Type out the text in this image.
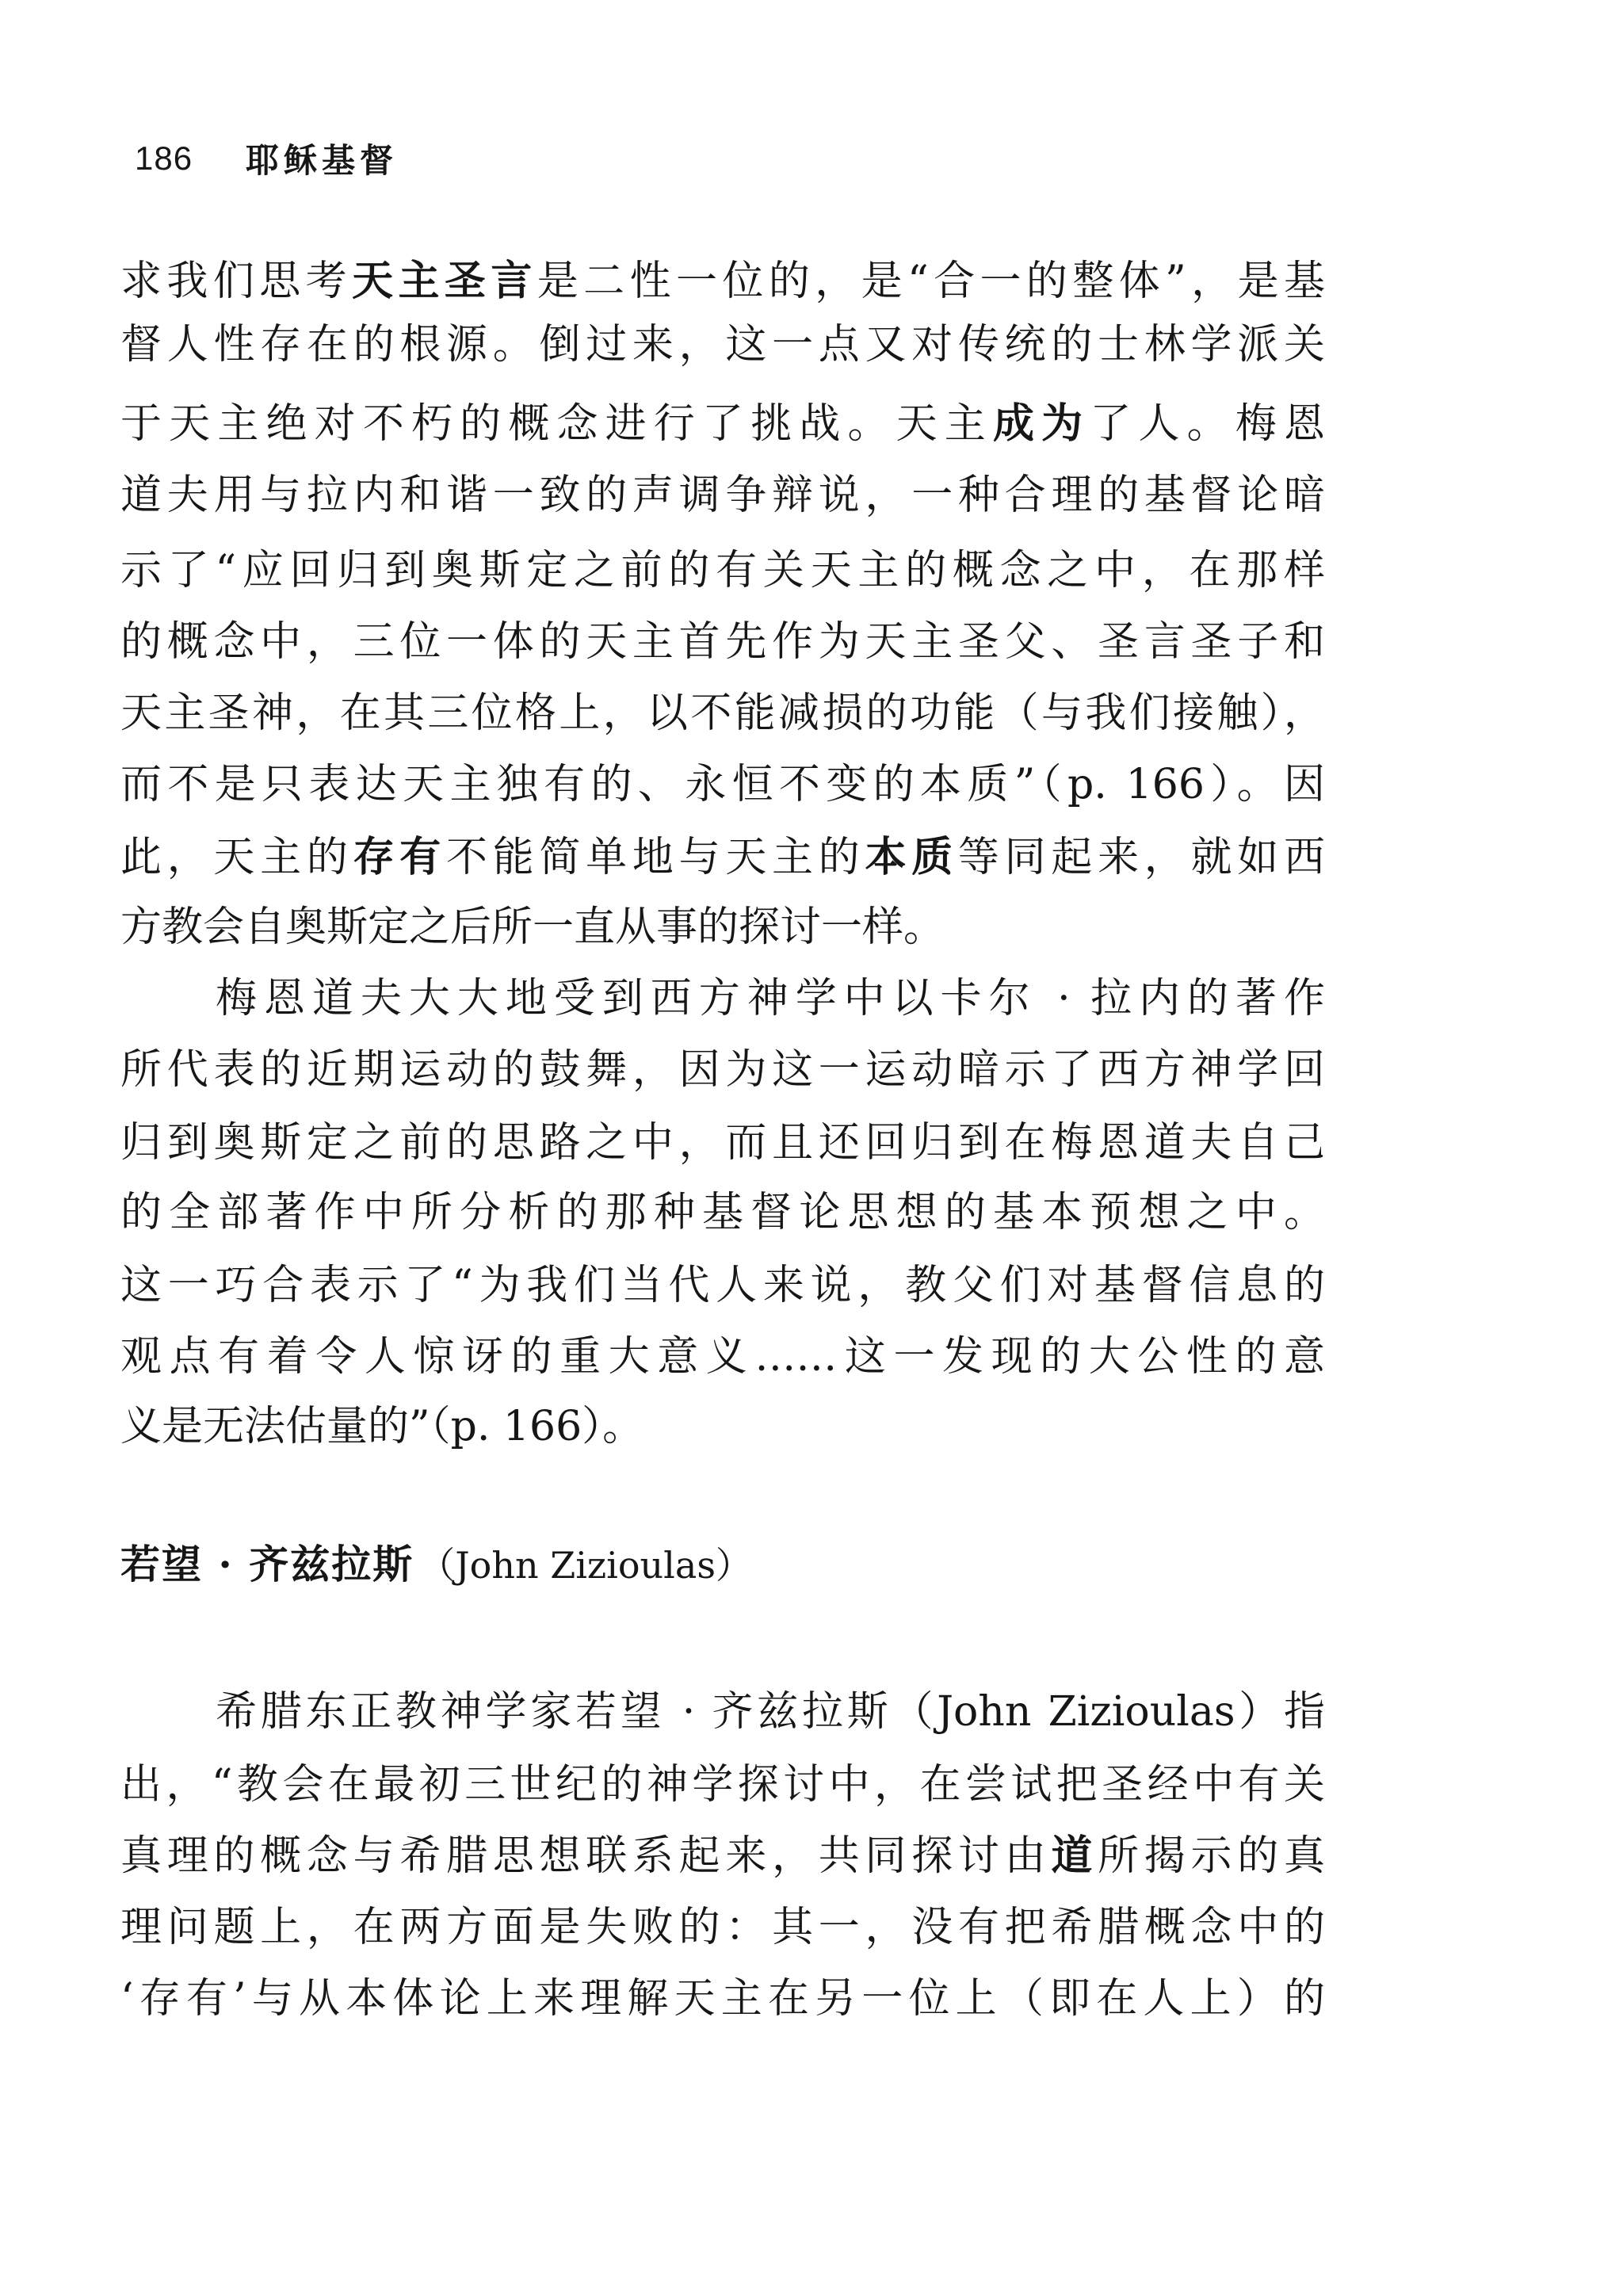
186	耶稣基督
求我们思考天主圣言是二性一位的，是“合一的整体”，是基
督人性存在的根源。倒过来，这一点又对传统的士林学派关
于天主绝对不朽的概念进行了挑战。天主成为了人。梅恩
道夫用与拉内和谐一致的声调争辩说，一种合理的基督论暗
示了“应回归到奥斯定之前的有关天主的概念之中，在那样
的概念中，三位一体的天主首先作为天主圣父、圣言圣子和
天主圣神，在其三位格上，以不能减损的功能（与我们接触），
而不是只表达天主独有的、永恒不变的本质”（p. 166）。因
此，天主的存有不能简单地与天主的本质等同起来，就如西
方教会自奥斯定之后所一直从事的探讨一样。
梅恩道夫大大地受到西方神学中以卡尔 · 拉内的著作
所代表的近期运动的鼓舞，因为这一运动暗示了西方神学回
归到奥斯定之前的思路之中，而且还回归到在梅恩道夫自己
的全部著作中所分析的那种基督论思想的基本预想之中。
这一巧合表示了“为我们当代人来说，教父们对基督信息的
观点有着令人惊讶的重大意义……这一发现的大公性的意
义是无法估量的”（p. 166）。
若望 · 齐兹拉斯 （John Zizioulas）
希腊东正教神学家若望 · 齐兹拉斯（John Zizioulas）指
出，“教会在最初三世纪的神学探讨中，在尝试把圣经中有关
真理的概念与希腊思想联系起来，共同探讨由道所揭示的真
理问题上，在两方面是失败的：其一，没有把希腊概念中的
‘存有’与从本体论上来理解天主在另一位上（即在人上）的
